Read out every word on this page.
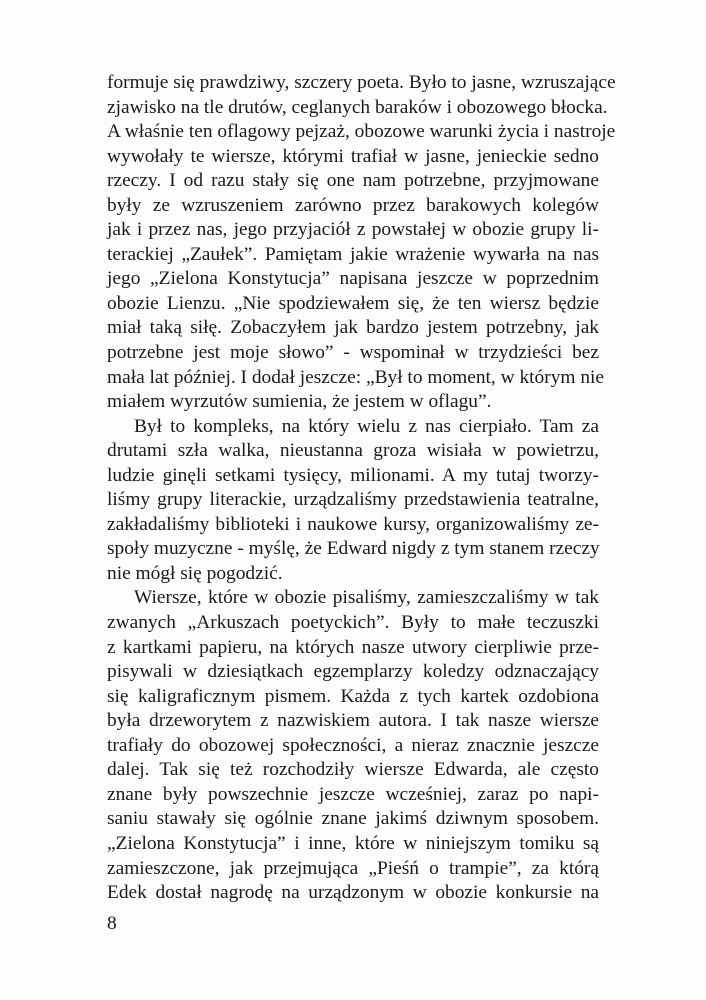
formuje się prawdziwy, szczery poeta. Było to jasne, wzruszające
zjawisko na tle drutów, ceglanych baraków i obozowego błocka.
A właśnie ten oflagowy pejzaż, obozowe warunki życia i nastroje
wywołały te wiersze, którymi trafiał w jasne, jenieckie sedno
rzeczy. I od razu stały się one nam potrzebne, przyjmowane
były ze wzruszeniem zarówno przez barakowych kolegów
jak i przez nas, jego przyjaciół z powstałej w obozie grupy li-
terackiej „Zaułek”. Pamiętam jakie wrażenie wywarła na nas
jego „Zielona Konstytucja” napisana jeszcze w poprzednim
obozie Lienzu. „Nie spodziewałem się, że ten wiersz będzie
miał taką siłę. Zobaczyłem jak bardzo jestem potrzebny, jak
potrzebne jest moje słowo” - wspominał w trzydzieści bez
mała lat później. I dodał jeszcze: „Był to moment, w którym nie
miałem wyrzutów sumienia, że jestem w oflagu”.
Był to kompleks, na który wielu z nas cierpiało. Tam za
drutami szła walka, nieustanna groza wisiała w powietrzu,
ludzie ginęli setkami tysięcy, milionami. A my tutaj tworzy-
liśmy grupy literackie, urządzaliśmy przedstawienia teatralne,
zakładaliśmy biblioteki i naukowe kursy, organizowaliśmy ze-
społy muzyczne - myślę, że Edward nigdy z tym stanem rzeczy
nie mógł się pogodzić.
Wiersze, które w obozie pisaliśmy, zamieszczaliśmy w tak
zwanych „Arkuszach poetyckich”. Były to małe teczuszki
z kartkami papieru, na których nasze utwory cierpliwie prze-
pisywali w dziesiątkach egzemplarzy koledzy odznaczający
się kaligraficznym pismem. Każda z tych kartek ozdobiona
była drzeworytem z nazwiskiem autora. I tak nasze wiersze
trafiały do obozowej społeczności, a nieraz znacznie jeszcze
dalej. Tak się też rozchodziły wiersze Edwarda, ale często
znane były powszechnie jeszcze wcześniej, zaraz po napi-
saniu stawały się ogólnie znane jakimś dziwnym sposobem.
„Zielona Konstytucja” i inne, które w niniejszym tomiku są
zamieszczone, jak przejmująca „Pieśń o trampie”, za którą
Edek dostał nagrodę na urządzonym w obozie konkursie na
8
